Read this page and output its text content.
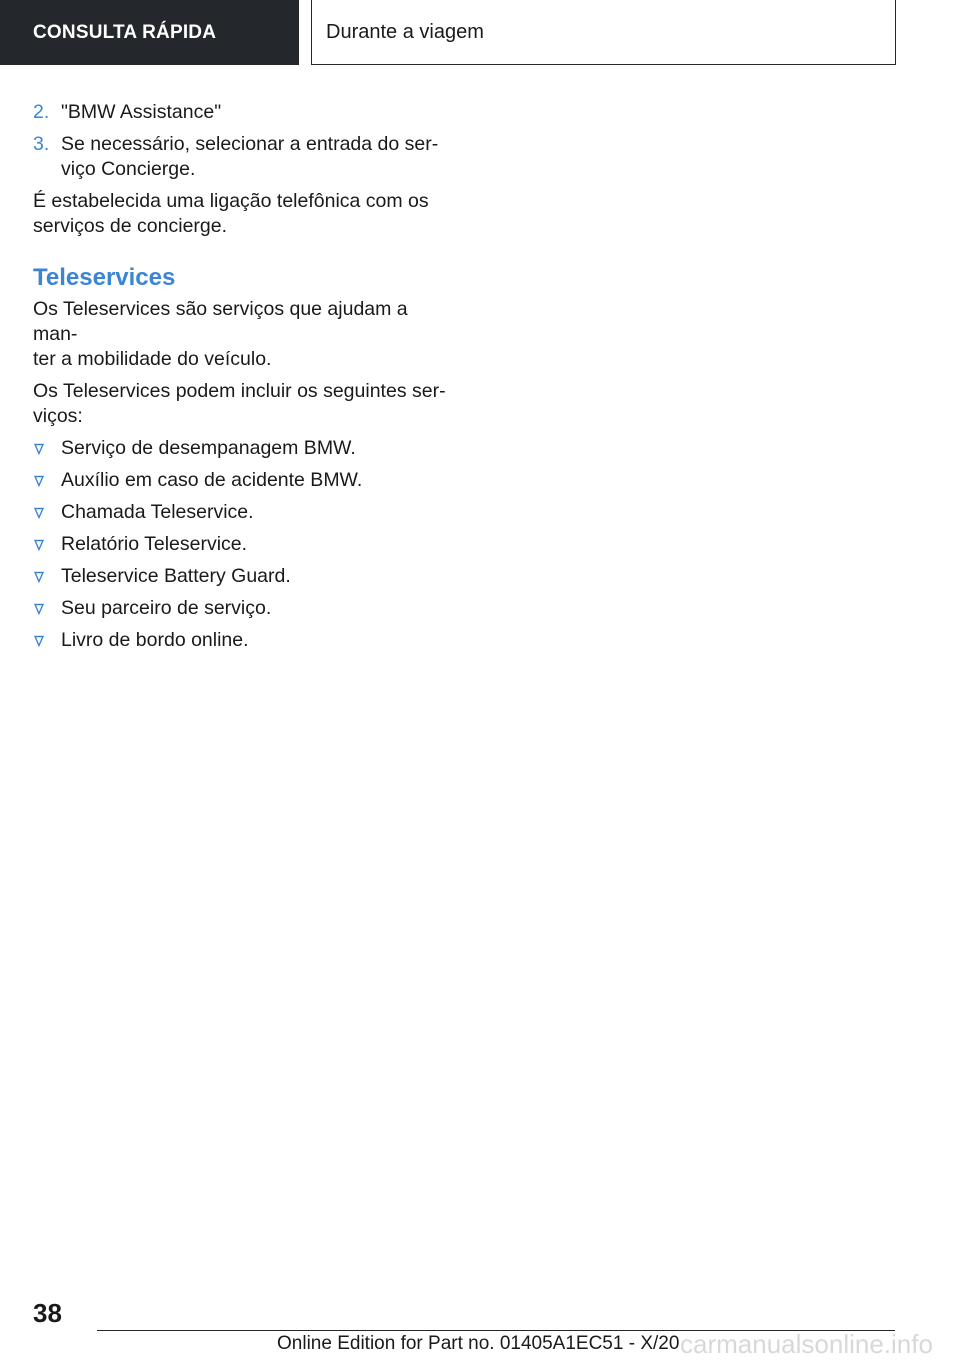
CONSULTA RÁPIDA	Durante a viagem
2. "BMW Assistance"
3. Se necessário, selecionar a entrada do ser‐
viço Concierge.

É estabelecida uma ligação telefônica com os
serviços de concierge.

Teleservices

Os Teleservices são serviços que ajudam a man‐
ter a mobilidade do veículo.

Os Teleservices podem incluir os seguintes ser‐
viços:

Serviço de desempanagem BMW.
Auxílio em caso de acidente BMW.
Chamada Teleservice.
Relatório Teleservice.
Teleservice Battery Guard.
Seu parceiro de serviço.
Livro de bordo online.
38
Online Edition for Part no. 01405A1EC51 - X/20 carmanualsonline.info
